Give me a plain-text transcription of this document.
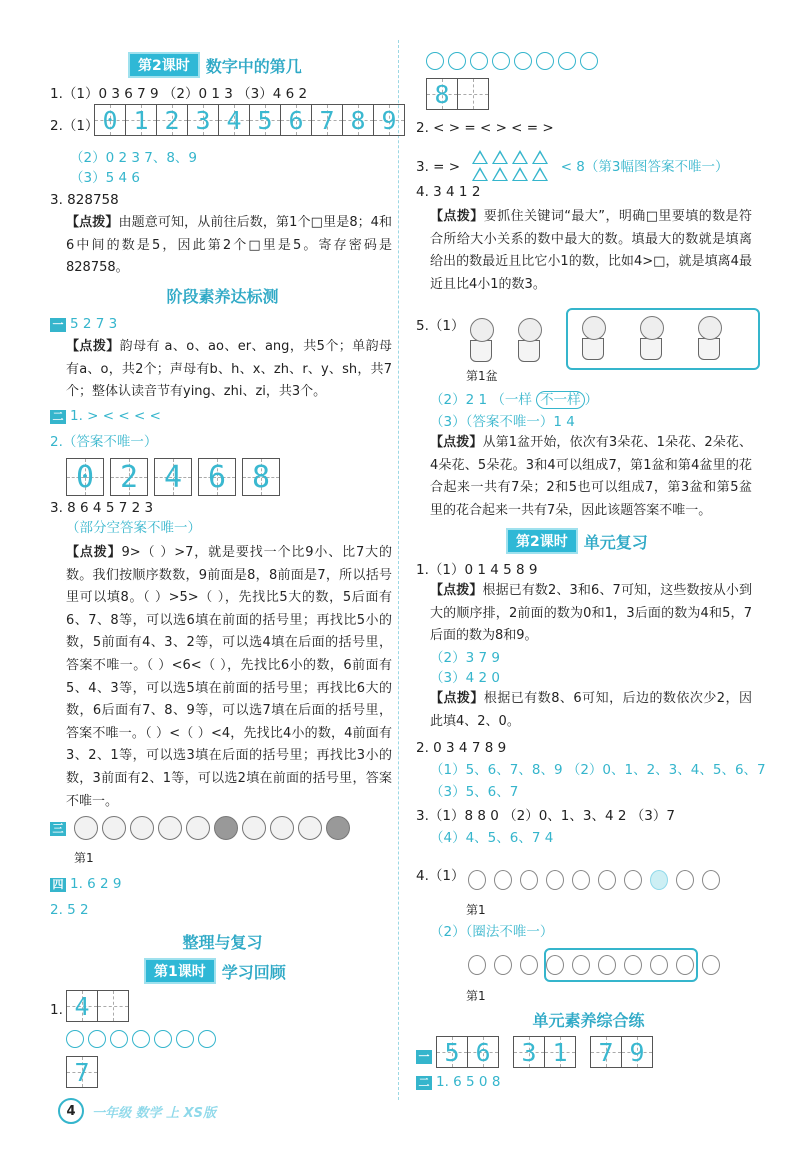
第2课时	数字中的第几
1.（1）0 3 6 7 9 （2）0 1 3 （3）4 6 2
2.（1） 0 1 2 3 4 5 6 7 8 9
（2）0 2 3 7、8、9
（3）5 4 6
3. 828758
【点拨】由题意可知，从前往后数，第1个□里是8；4和6中间的数是5，因此第2个□里是5。寄存密码是828758。
阶段素养达标测
一 5 2 7 3
【点拨】韵母有 a、o、ao、er、ang，共5个；单韵母有a、o，共2个；声母有b、h、x、zh、r、y、sh，共7个；整体认读音节有ying、zhi、zi，共3个。
二 1. > < < < <
2.（答案不唯一）
0 2 4 6 8
3. 8 6 4 5 7 2 3
（部分空答案不唯一）
【点拨】9>（ ）>7，就是要找一个比9小、比7大的数。我们按顺序数数，9前面是8，8前面是7，所以括号里可以填8。（ ）>5>（ ），先找比5大的数，5后面有6、7、8等，可以选6填在前面的括号里；再找比5小的数，5前面有4、3、2等，可以选4填在后面的括号里，答案不唯一。（ ）<6<（ ），先找比6小的数，6前面有5、4、3等，可以选5填在前面的括号里；再找比6大的数，6后面有7、8、9等，可以选7填在后面的括号里，答案不唯一。（ ）<（ ）<4，先找比4小的数，4前面有3、2、1等，可以选3填在后面的括号里；再找比3小的数，3前面有2、1等，可以选2填在前面的括号里，答案不唯一。
三
第1
四 1. 6 2 9
2. 5 2
整理与复习
第1课时	学习回顾
1. 4
7
8
2. < > = < > < = >
3. = >	< 8（第3幅图答案不唯一）
4. 3 4 1 2
【点拨】要抓住关键词“最大”，明确□里要填的数是符合所给大小关系的数中最大的数。填最大的数就是填离给出的数最近且比它小1的数，比如4>□，就是填离4最近且比4小1的数3。
5.（1）
第1盆
（2）2 1 （一样 不一样 ）
（3）（答案不唯一）1 4
【点拨】从第1盆开始，依次有3朵花、1朵花、2朵花、4朵花、5朵花。3和4可以组成7，第1盆和第4盆里的花合起来一共有7朵；2和5也可以组成7，第3盆和第5盆里的花合起来一共有7朵，因此该题答案不唯一。
第2课时	单元复习
1.（1）0 1 4 5 8 9
【点拨】根据已有数2、3和6、7可知，这些数按从小到大的顺序排，2前面的数为0和1，3后面的数为4和5，7后面的数为8和9。
（2）3 7 9
（3）4 2 0
【点拨】根据已有数8、6可知，后边的数依次少2，因此填4、2、0。
2. 0 3 4 7 8 9
（1）5、6、7、8、9 （2）0、1、2、3、4、5、6、7
（3）5、6、7
3.（1）8 8 0 （2）0、1、3、4 2 （3）7
（4）4、5、6、7 4
4.（1）
第1
（2）（圈法不唯一）
第1
单元素养综合练
一 5 6 3 1 7 9
二 1. 6 5 0 8
4	一年级 数学 上 XS版
